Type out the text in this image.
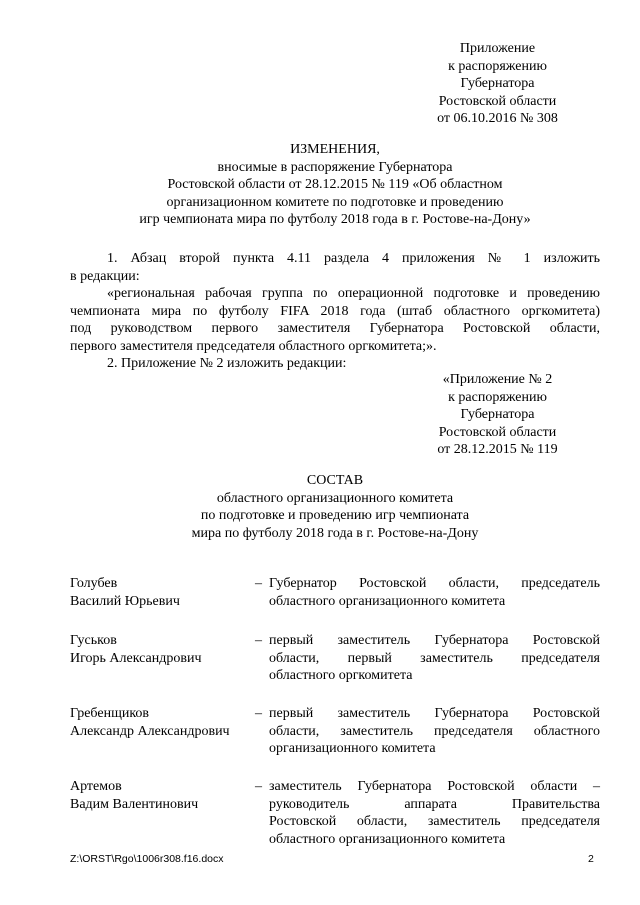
Приложение
к распоряжению
Губернатора
Ростовской области
от 06.10.2016 № 308
ИЗМЕНЕНИЯ,
вносимые в распоряжение Губернатора
Ростовской области от 28.12.2015 № 119 «Об областном
организационном комитете по подготовке и проведению
игр чемпионата мира по футболу 2018 года в г. Ростове-на-Дону»
1. Абзац второй пункта 4.11 раздела 4 приложения № 1 изложить
в редакции:
«региональная рабочая группа по операционной подготовке и проведению
чемпионата мира по футболу FIFA 2018 года (штаб областного оргкомитета)
под руководством первого заместителя Губернатора Ростовской области,
первого заместителя председателя областного оргкомитета;».
2. Приложение № 2 изложить редакции:
«Приложение № 2
к распоряжению
Губернатора
Ростовской области
от 28.12.2015 № 119
СОСТАВ
областного организационного комитета
по подготовке и проведению игр чемпионата
мира по футболу 2018 года в г. Ростове-на-Дону
Голубев
Василий Юрьевич
– Губернатор Ростовской области, председатель
областного организационного комитета
Гуськов
Игорь Александрович
– первый заместитель Губернатора Ростовской
области, первый заместитель председателя
областного оргкомитета
Гребенщиков
Александр Александрович
– первый заместитель Губернатора Ростовской
области, заместитель председателя областного
организационного комитета
Артемов
Вадим Валентинович
– заместитель Губернатора Ростовской области –
руководитель аппарата Правительства
Ростовской области, заместитель председателя
областного организационного комитета
Z:\ORST\Rgo\1006r308.f16.docx	2
